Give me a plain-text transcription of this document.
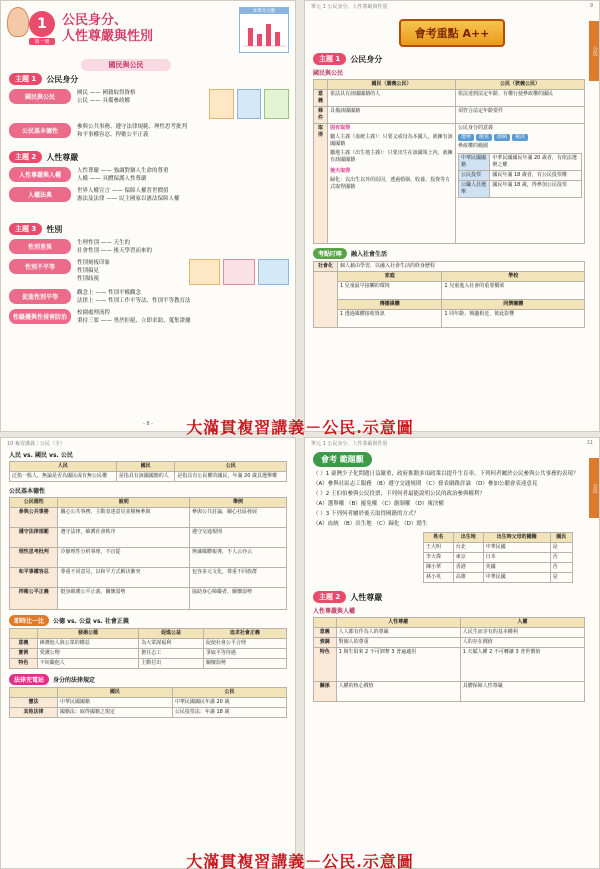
1
第一冊
公民身分、
人性尊嚴與性別
本單元分數
國民與公民
主題 1	公民身分
國民與公民
國民 —— 國籍取得資格
公民 —— 具備參政權
公民基本德性
參與公共事務、遵守法律規範、理性思考批判
和平事權容忍、捍衛公平正義
主題 2	人性尊嚴
人性尊嚴與人權
人性尊嚴 —— 強調對個人生命的尊重
人權 —— 具體保護人性尊嚴
人權法典
世界人權宣言 —— 保障人權普世價值
憲法及法律 —— 民主國家以憲法保障人權
主題 3	性別
性別差異
生理性別 —— 天生的
社會性別 —— 後天學習而來的
性別不平等
性別刻板印象
性別偏見
性別歧視
促進性別平等
觀念上 —— 性別平權觀念
法律上 —— 性別工作平等法、性別平等教育法
性騷擾與性侵害防治
校園處理流程
秉持三要 —— 勇於拒絕、立即求助、蒐集證據
- 8 -
單元 1 公民身分、人性尊嚴與性別	9
公民
會考重點 A++
主題 1	公民身分
國民與公民
	國民（廣義公民）	公民（狹義公民）
意義	依法具有該國國籍的人	依法達到法定年齡、有權行使參政權的國民
條件	具備該國國籍	須符合法定年齡要件
取得	
固有取得
屬人主義（血統主義）：只要父或母為本國人，就擁有該國國籍
屬地主義（出生地主義）：只要出生在該國領土內，就擁有該國國籍
後天取得
歸化：以出生以外的原因，透過婚姻、收養、投資等方式取得國籍

公民身分的意義
選舉	罷免	創制	複決
參政權的範圍
中華民國國籍	中華民國國民年滿 20 歲者，有依法選舉之權
公民投票	國民年滿 18 歲者，有公民投票權
公職人員選舉	國民年滿 18 歲，得參加公民投票
考點叮嚀	融入社會生活
社會化	個人藉由學習，以融入社會生活的終身歷程	
	家庭	學校
	1 兒童最早接觸的環境	1 兒童進入社會的重要橋梁
	傳播媒體	同儕團體
	1 透過媒體接收資訊	1 同年齡、興趣相近，彼此影響
10 複習講義｜公民（全）
人民 vs. 國民 vs. 公民
人民	國民	公民
泛指一般人，無論是否為國民或有無公民權	是指具有該國國籍的人	是指具有公民權的國民，年滿 20 歲具選舉權
公民基本德性
公民德性	說明	舉例
參與公共事務	關心公共事務，主動表達意見並積極參與	參與公共討論，關心社區發展
遵守法律規範	遵守法律，維護社會秩序	遵守交通規則
理性思考批判	冷靜理性分析事理，不盲從	辨識媒體報導，不人云亦云
和平事權容忍	尊重不同意見，以和平方式解決衝突	包容多元文化，尊重不同族群
捍衛公平正義	挺身維護公平正義，關懷弱勢	協助身心障礙者、關懷弱勢
即時比一比	公德 vs. 公益 vs. 社會正義
	發揚公德	促進公益	追求社會正義
意義	維護他人與公眾的權益	為大眾謀福利	促使社會公平合理
實例	愛護公物	擔任志工	爭取平等待遇
特色	不妨礙他人	主動付出	關懷弱勢
法律充電站	身分的法律規定
	國民	公民
憲法	中華民國國籍	中華民國國民年滿 20 歲
其他法律	國籍法：取得國籍之規定	公民投票法：年滿 18 歲
單元 1 公民身分、人性尊嚴與性別	11
公民
會考 範題觀
（ ）1 臺灣少子化問題日益嚴重，政府推動多項政策以提升生育率，下列何者屬於公民參與公共事務的表現？
（A）參與社區志工服務 （B）遵守交通規則 （C）發表網路評論 （D）參加公聽會表達意見
（ ）2 王伯伯參與公民投票，下列何者最能說明公民的政治參與權利？
（A）選舉權 （B）罷免權 （C）創制權 （D）複決權
（ ）3 下列何者屬於後天取得國籍的方式？
（A）血統 （B）出生地 （C）歸化 （D）婚生
姓名	出生地	出生時父母的國籍	國民
王大明	台北	中華民國	是
李大偉	東京	日本	否
陳小華	香港	英國	否
林小英	高雄	中華民國	是
主題 2	人性尊嚴
人性尊嚴與人權
	人性尊嚴	人權
意義	人人都有作為人的尊嚴	人民生而享有的基本權利
強調	對個人的尊重	人的存在價值
特色	1 與生俱來 2 不可剝奪 3 普遍適用	1 天賦人權 2 不可轉讓 3 普世價值
關係	人權的核心價值	具體保障人性尊嚴
大滿貫複習講義－公民.示意圖
大滿貫複習講義－公民.示意圖
